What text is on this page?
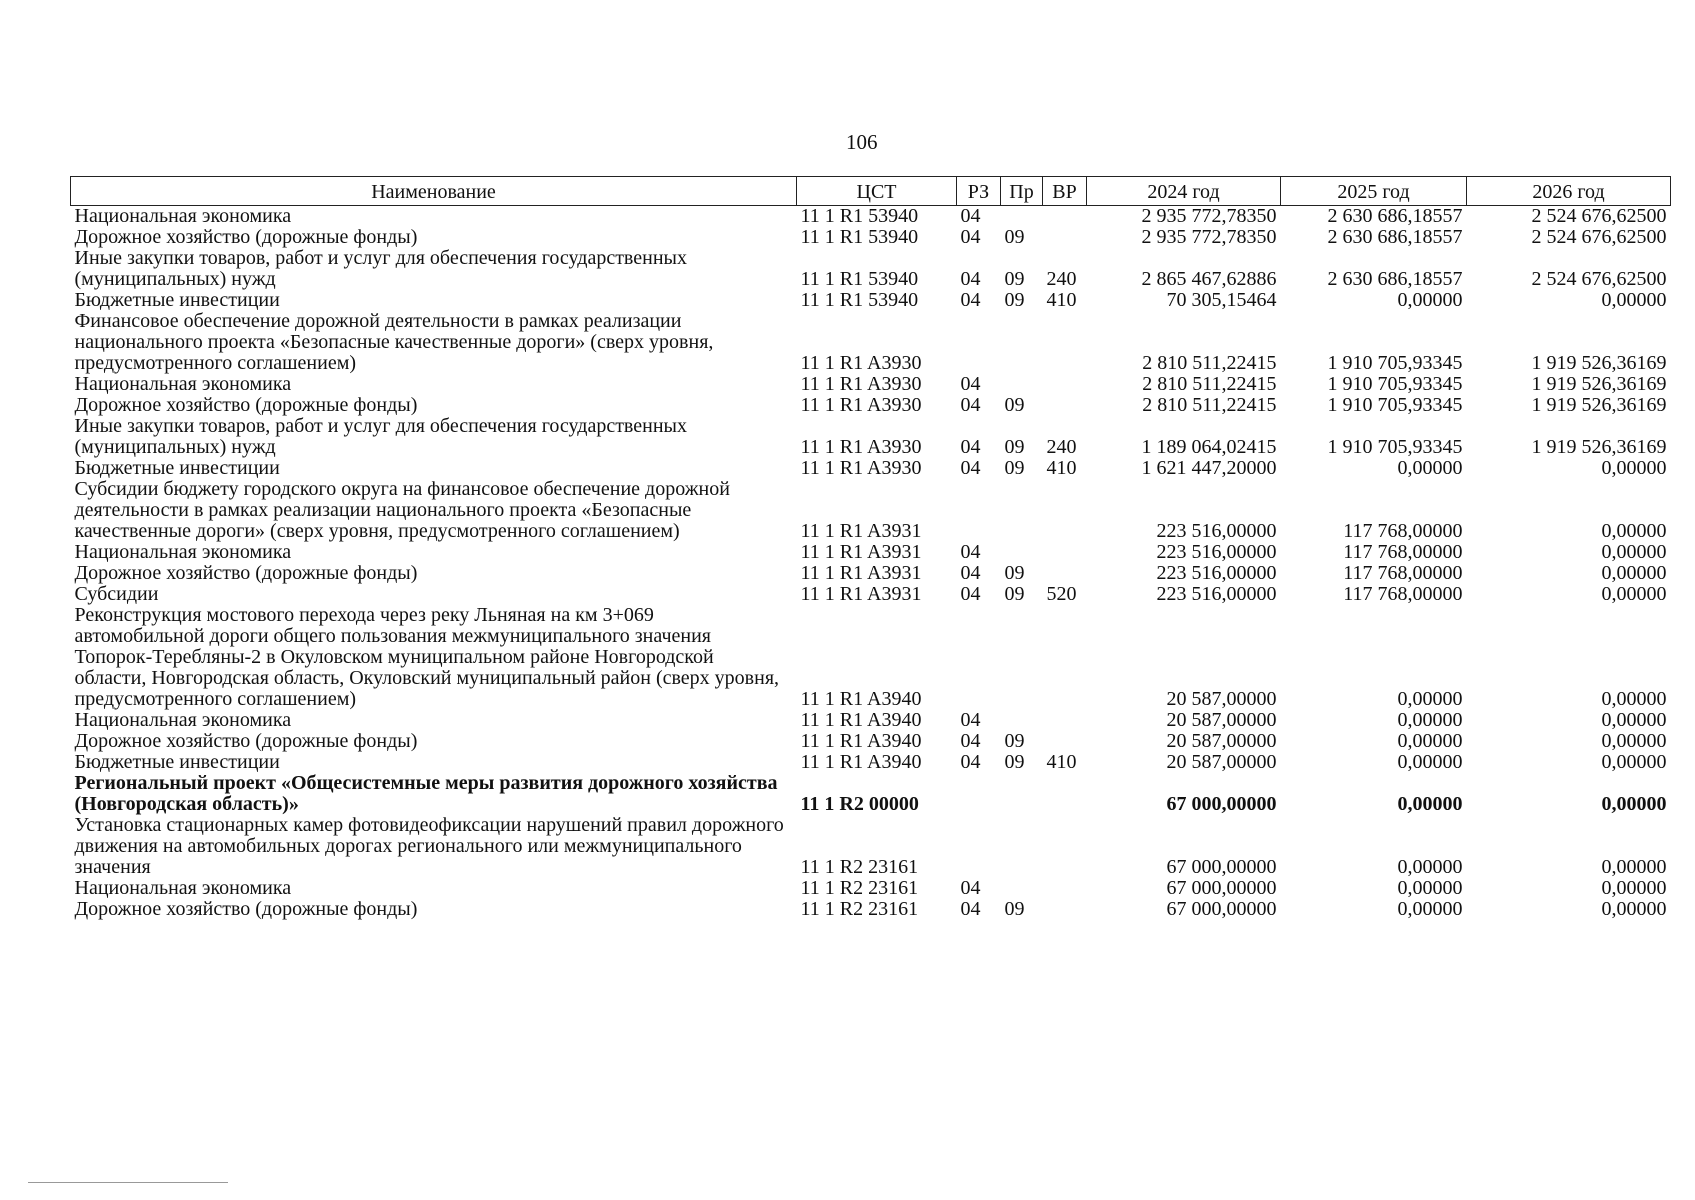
106
Наименование	ЦСТ	РЗ	Пр	ВР	2024 год	2025 год	2026 год
Национальная экономика	11 1 R1 53940	04			2 935 772,78350	2 630 686,18557	2 524 676,62500
Дорожное хозяйство (дорожные фонды)	11 1 R1 53940	04	09		2 935 772,78350	2 630 686,18557	2 524 676,62500
Иные закупки товаров, работ и услуг для обеспечения государственных (муниципальных) нужд	11 1 R1 53940	04	09	240	2 865 467,62886	2 630 686,18557	2 524 676,62500
Бюджетные инвестиции	11 1 R1 53940	04	09	410	70 305,15464	0,00000	0,00000
Финансовое обеспечение дорожной деятельности в рамках реализации национального проекта «Безопасные качественные дороги» (сверх уровня, предусмотренного соглашением)	11 1 R1 A3930				2 810 511,22415	1 910 705,93345	1 919 526,36169
Национальная экономика	11 1 R1 A3930	04			2 810 511,22415	1 910 705,93345	1 919 526,36169
Дорожное хозяйство (дорожные фонды)	11 1 R1 A3930	04	09		2 810 511,22415	1 910 705,93345	1 919 526,36169
Иные закупки товаров, работ и услуг для обеспечения государственных (муниципальных) нужд	11 1 R1 A3930	04	09	240	1 189 064,02415	1 910 705,93345	1 919 526,36169
Бюджетные инвестиции	11 1 R1 A3930	04	09	410	1 621 447,20000	0,00000	0,00000
Субсидии бюджету городского округа на финансовое обеспечение дорожной деятельности в рамках реализации национального проекта «Безопасные качественные дороги» (сверх уровня, предусмотренного соглашением)	11 1 R1 A3931				223 516,00000	117 768,00000	0,00000
Национальная экономика	11 1 R1 A3931	04			223 516,00000	117 768,00000	0,00000
Дорожное хозяйство (дорожные фонды)	11 1 R1 A3931	04	09		223 516,00000	117 768,00000	0,00000
Субсидии	11 1 R1 A3931	04	09	520	223 516,00000	117 768,00000	0,00000
Реконструкция мостового перехода через реку Льняная на км 3+069 автомобильной дороги общего пользования межмуниципального значения Топорок-Теребляны-2 в Окуловском муниципальном районе Новгородской области, Новгородская область, Окуловский муниципальный район (сверх уровня, предусмотренного соглашением)	11 1 R1 A3940				20 587,00000	0,00000	0,00000
Национальная экономика	11 1 R1 A3940	04			20 587,00000	0,00000	0,00000
Дорожное хозяйство (дорожные фонды)	11 1 R1 A3940	04	09		20 587,00000	0,00000	0,00000
Бюджетные инвестиции	11 1 R1 A3940	04	09	410	20 587,00000	0,00000	0,00000
Региональный проект «Общесистемные меры развития дорожного хозяйства (Новгородская область)»	11 1 R2 00000				67 000,00000	0,00000	0,00000
Установка стационарных камер фотовидеофиксации нарушений правил дорожного движения на автомобильных дорогах регионального или межмуниципального значения	11 1 R2 23161				67 000,00000	0,00000	0,00000
Национальная экономика	11 1 R2 23161	04			67 000,00000	0,00000	0,00000
Дорожное хозяйство (дорожные фонды)	11 1 R2 23161	04	09		67 000,00000	0,00000	0,00000
